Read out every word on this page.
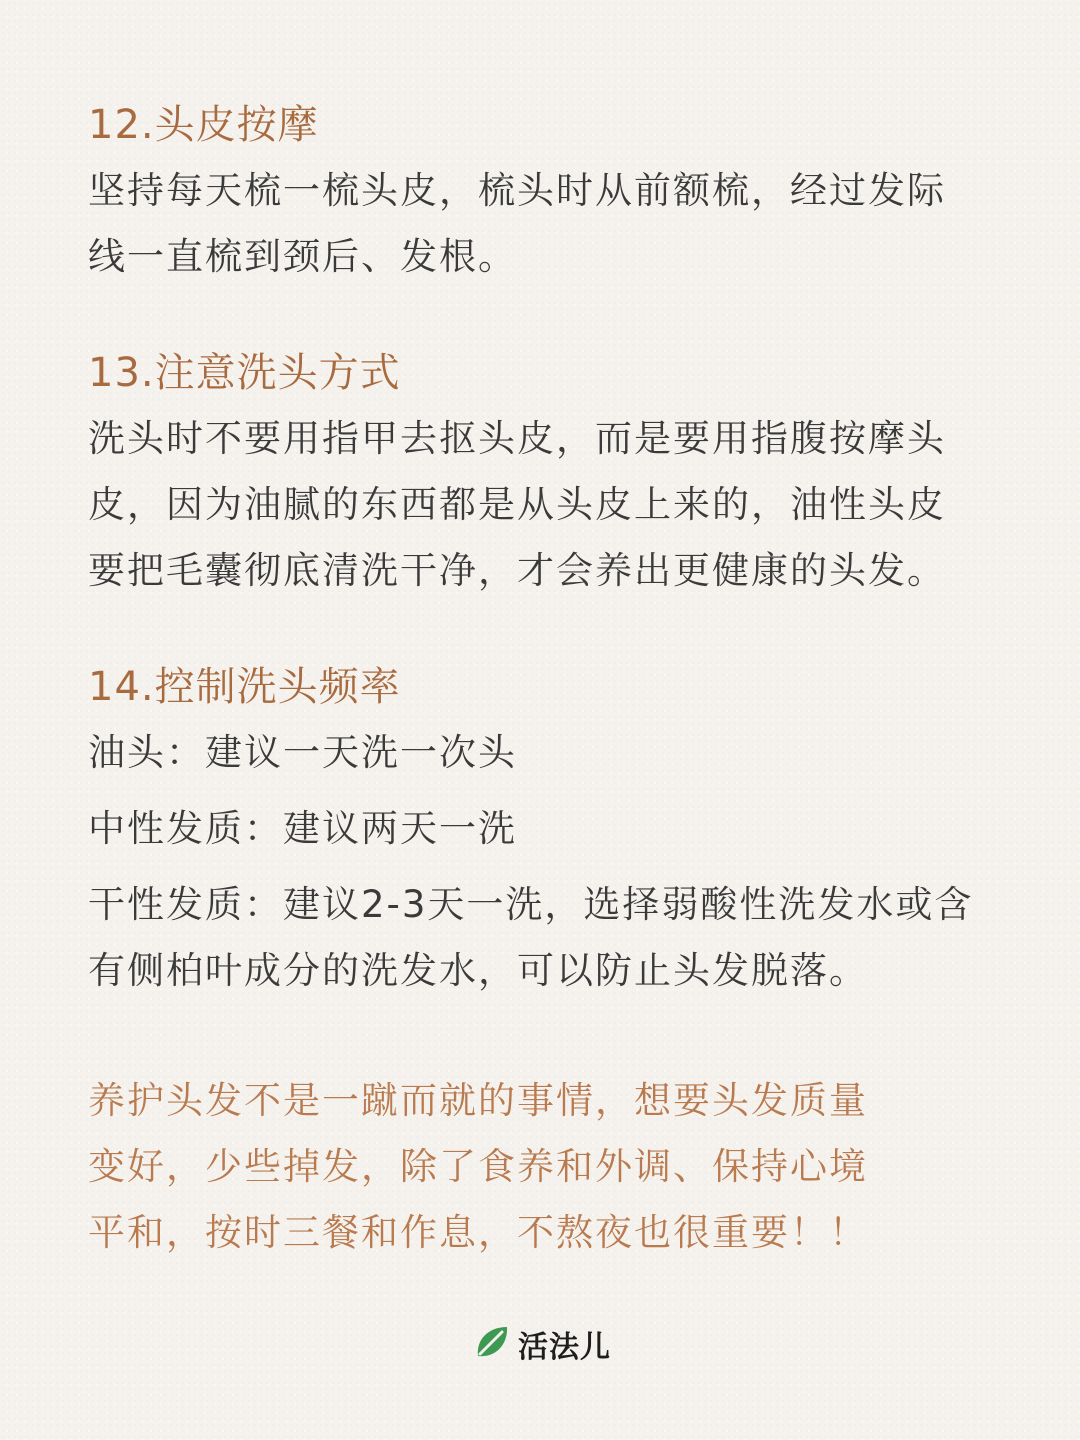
12.头皮按摩

坚持每天梳一梳头皮，梳头时从前额梳，经过发际

线一直梳到颈后、发根。

13.注意洗头方式

洗头时不要用指甲去抠头皮，而是要用指腹按摩头

皮，因为油腻的东西都是从头皮上来的，油性头皮

要把毛囊彻底清洗干净，才会养出更健康的头发。

14.控制洗头频率

油头：建议一天洗一次头

中性发质：建议两天一洗

干性发质：建议2-3天一洗，选择弱酸性洗发水或含

有侧柏叶成分的洗发水，可以防止头发脱落。

养护头发不是一蹴而就的事情，想要头发质量

变好，少些掉发，除了食养和外调、保持心境

平和，按时三餐和作息，不熬夜也很重要！！

活法儿
